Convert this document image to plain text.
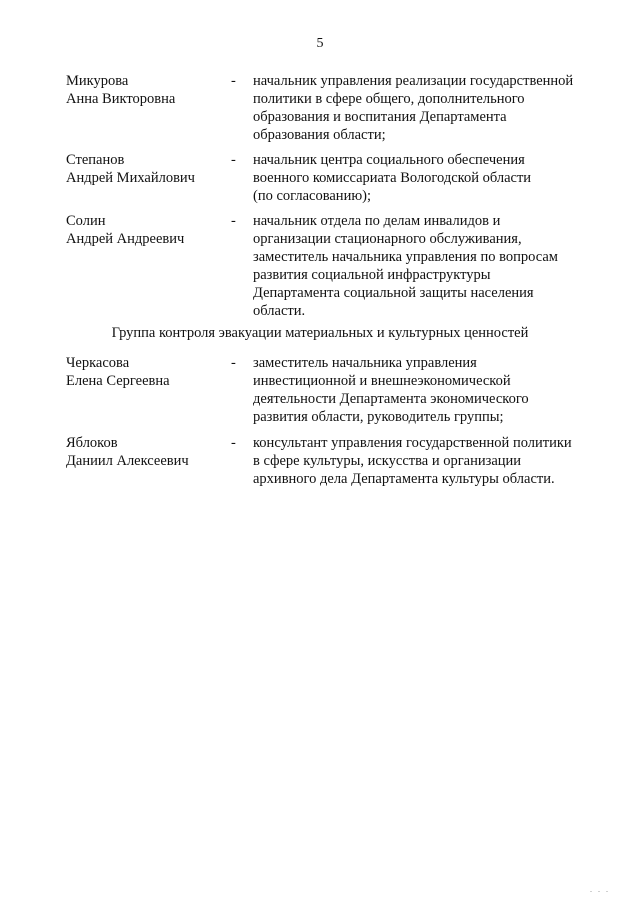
5
Микурова
Анна Викторовна
- начальник управления реализации государственной
политики в сфере общего, дополнительного
образования и воспитания Департамента
образования области;
Степанов
Андрей Михайлович
- начальник центра социального обеспечения
военного комиссариата Вологодской области
(по согласованию);
Солин
Андрей Андреевич
- начальник отдела по делам инвалидов и
организации стационарного обслуживания,
заместитель начальника управления по вопросам
развития социальной инфраструктуры
Департамента социальной защиты населения
области.
Группа контроля эвакуации материальных и культурных ценностей
Черкасова
Елена Сергеевна
- заместитель начальника управления
инвестиционной и внешнеэкономической
деятельности Департамента экономического
развития области, руководитель группы;
Яблоков
Даниил Алексеевич
- консультант управления государственной политики
в сфере культуры, искусства и организации
архивного дела Департамента культуры области.
. . .
